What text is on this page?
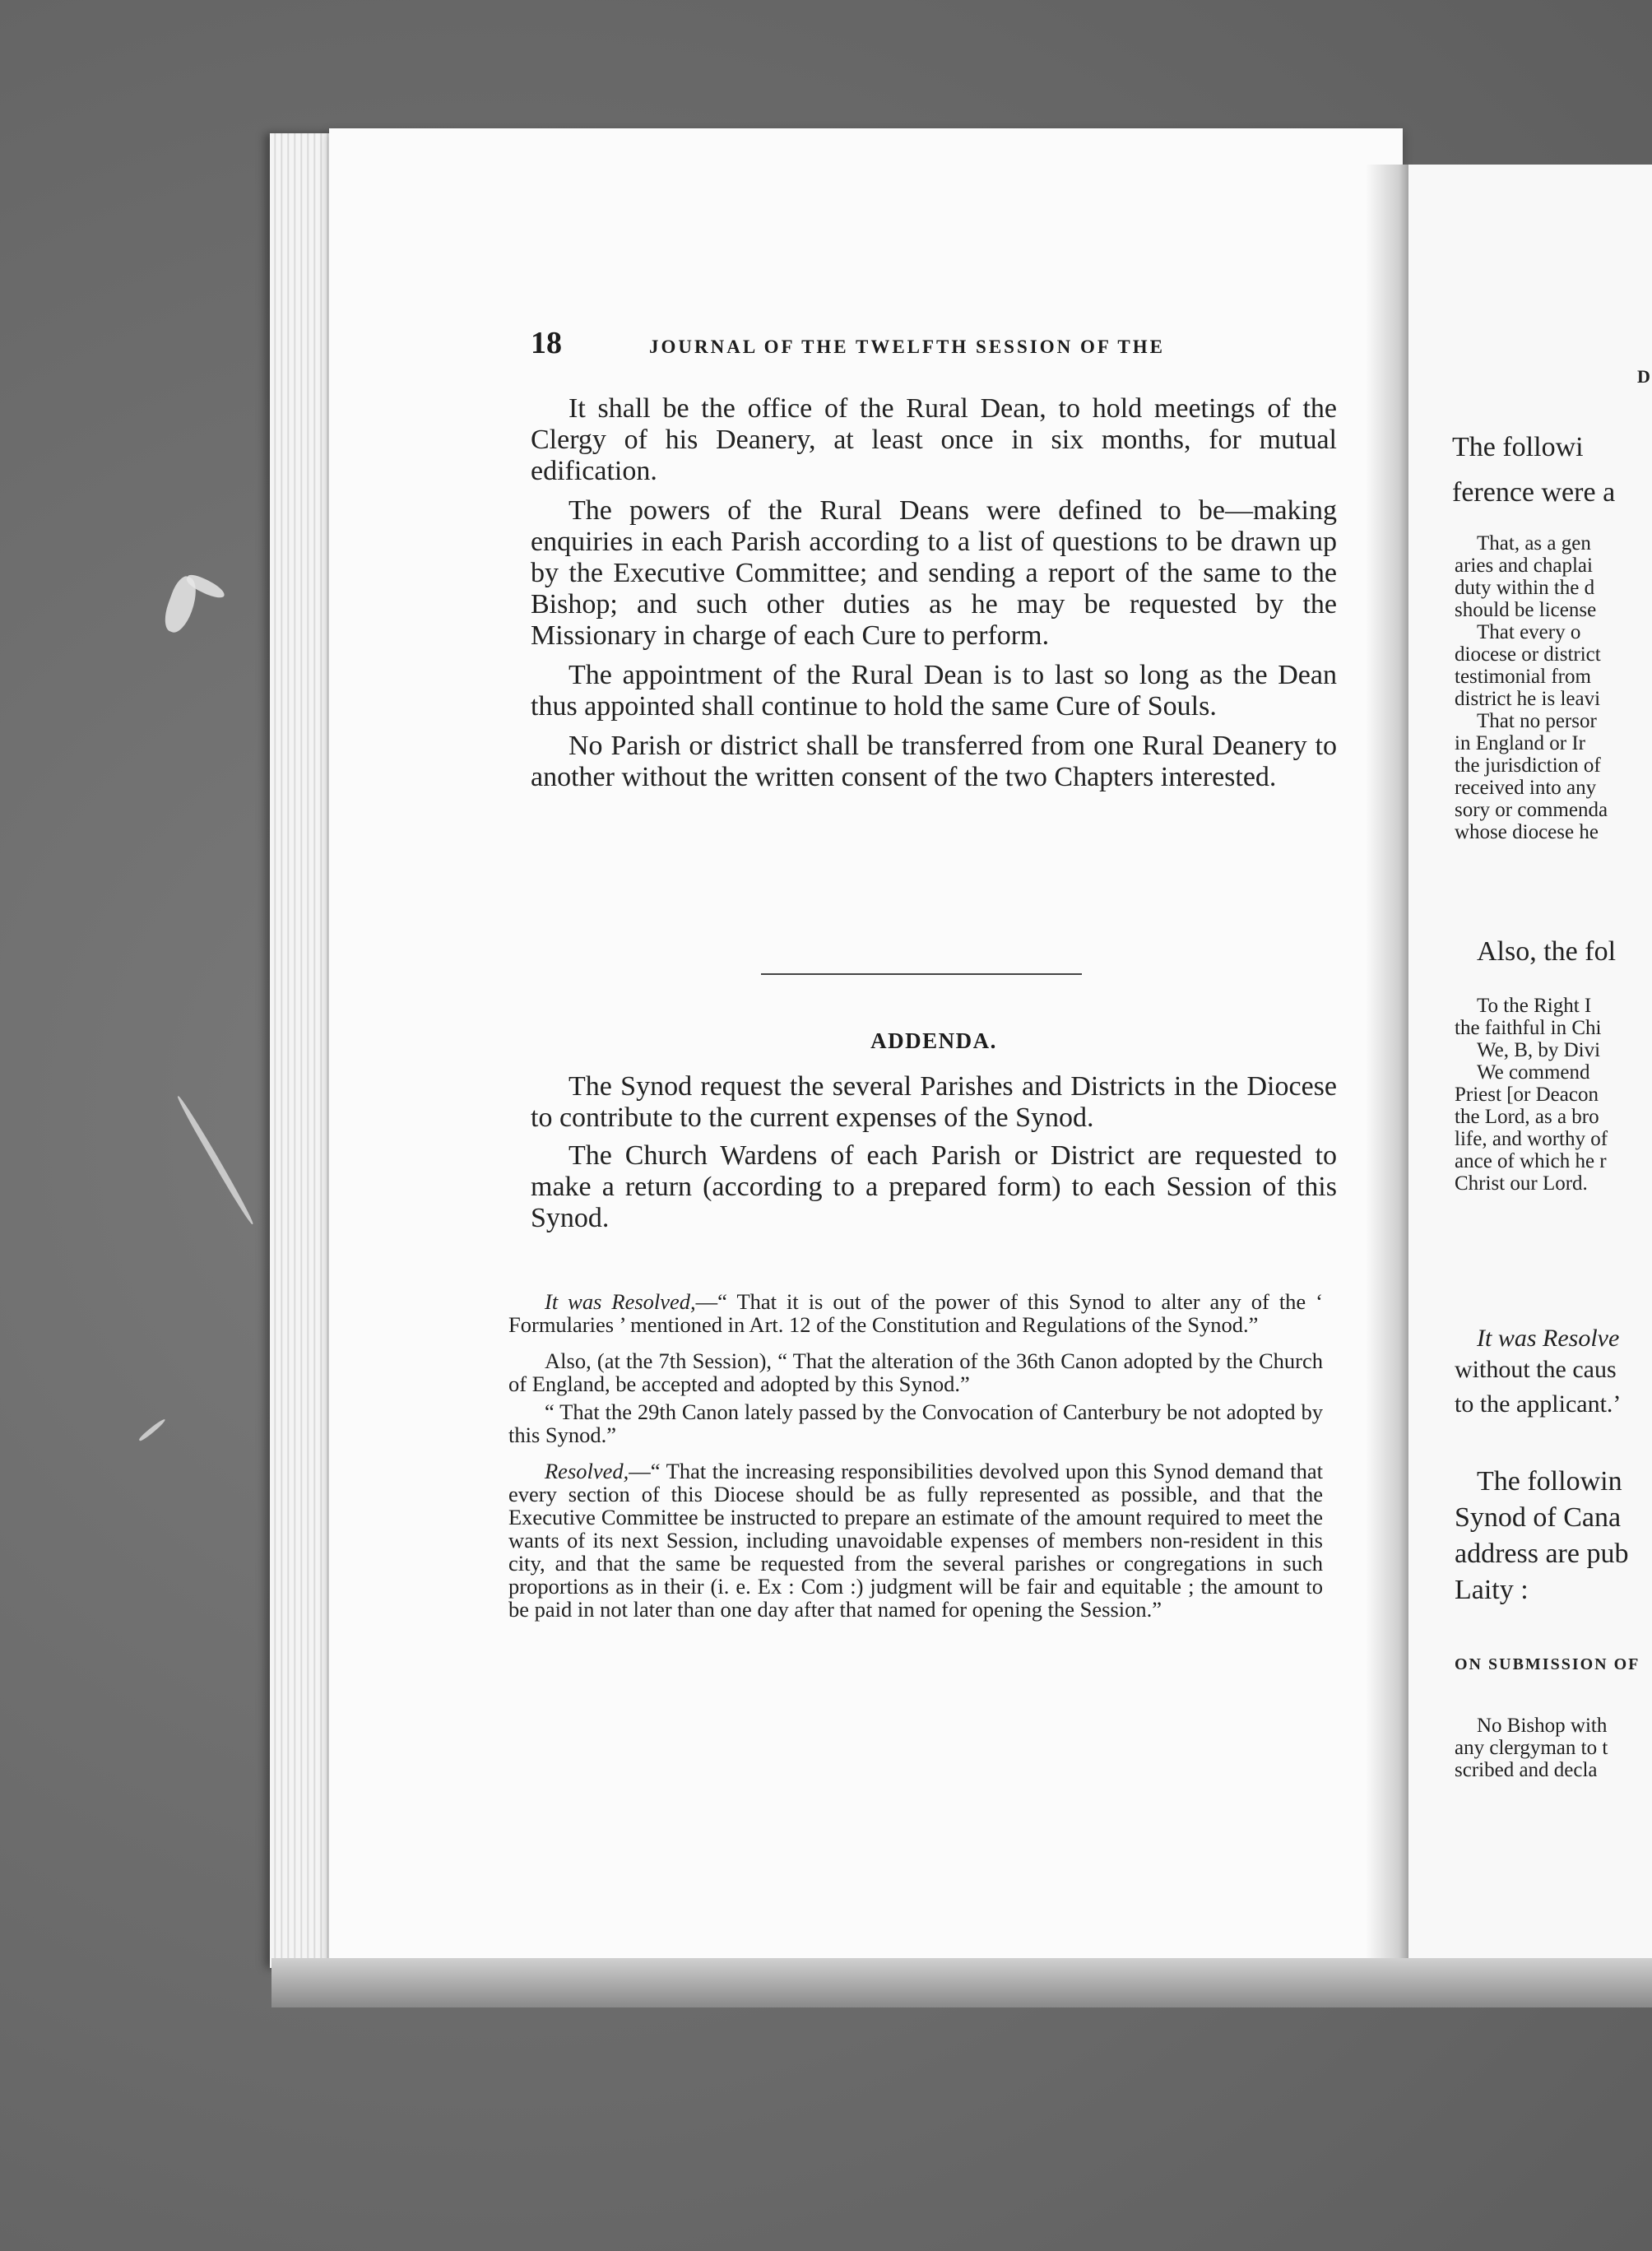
18	JOURNAL OF THE TWELFTH SESSION OF THE

It shall be the office of the Rural Dean, to hold meetings of the Clergy of his Deanery, at least once in six months, for mutual edification.

The powers of the Rural Deans were defined to be—making enquiries in each Parish according to a list of questions to be drawn up by the Executive Committee; and sending a report of the same to the Bishop; and such other duties as he may be requested by the Missionary in charge of each Cure to perform.

The appointment of the Rural Dean is to last so long as the Dean thus appointed shall continue to hold the same Cure of Souls.

No Parish or district shall be transferred from one Rural Deanery to another without the written consent of the two Chapters interested.

ADDENDA.

The Synod request the several Parishes and Districts in the Diocese to contribute to the current expenses of the Synod.

The Church Wardens of each Parish or District are requested to make a return (according to a prepared form) to each Session of this Synod.

It was Resolved,—“ That it is out of the power of this Synod to alter any of the ‘ Formularies ’ mentioned in Art. 12 of the Constitution and Regulations of the Synod.”

Also, (at the 7th Session), “ That the alteration of the 36th Canon adopted by the Church of England, be accepted and adopted by this Synod.”

“ That the 29th Canon lately passed by the Convocation of Canterbury be not adopted by this Synod.”

Resolved,—“ That the increasing responsibilities devolved upon this Synod demand that every section of this Diocese should be as fully represented as possible, and that the Executive Committee be instructed to prepare an estimate of the amount required to meet the wants of its next Session, including unavoidable expenses of members non-resident in this city, and that the same be requested from the several parishes or congregations in such proportions as in their (i. e. Ex : Com :) judgment will be fair and equitable ; the amount to be paid in not later than one day after that named for opening the Session.”

D
The followi
ference were a
That, as a gen
aries and chaplai
duty within the d
should be license
That every o
diocese or district
testimonial from
district he is leavi
That no persor
in England or Ir
the jurisdiction of
received into any
sory or commenda
whose diocese he
Also, the fol
To the Right I
the faithful in Chi
We, B, by Divi
We commend
Priest [or Deacon
the Lord, as a bro
life, and worthy of
ance of which he r
Christ our Lord.
It was Resolve
without the caus
to the applicant.’
The followin
Synod of Cana
address are pub
Laity :
ON SUBMISSION OF
No Bishop with
any clergyman to t
scribed and decla
